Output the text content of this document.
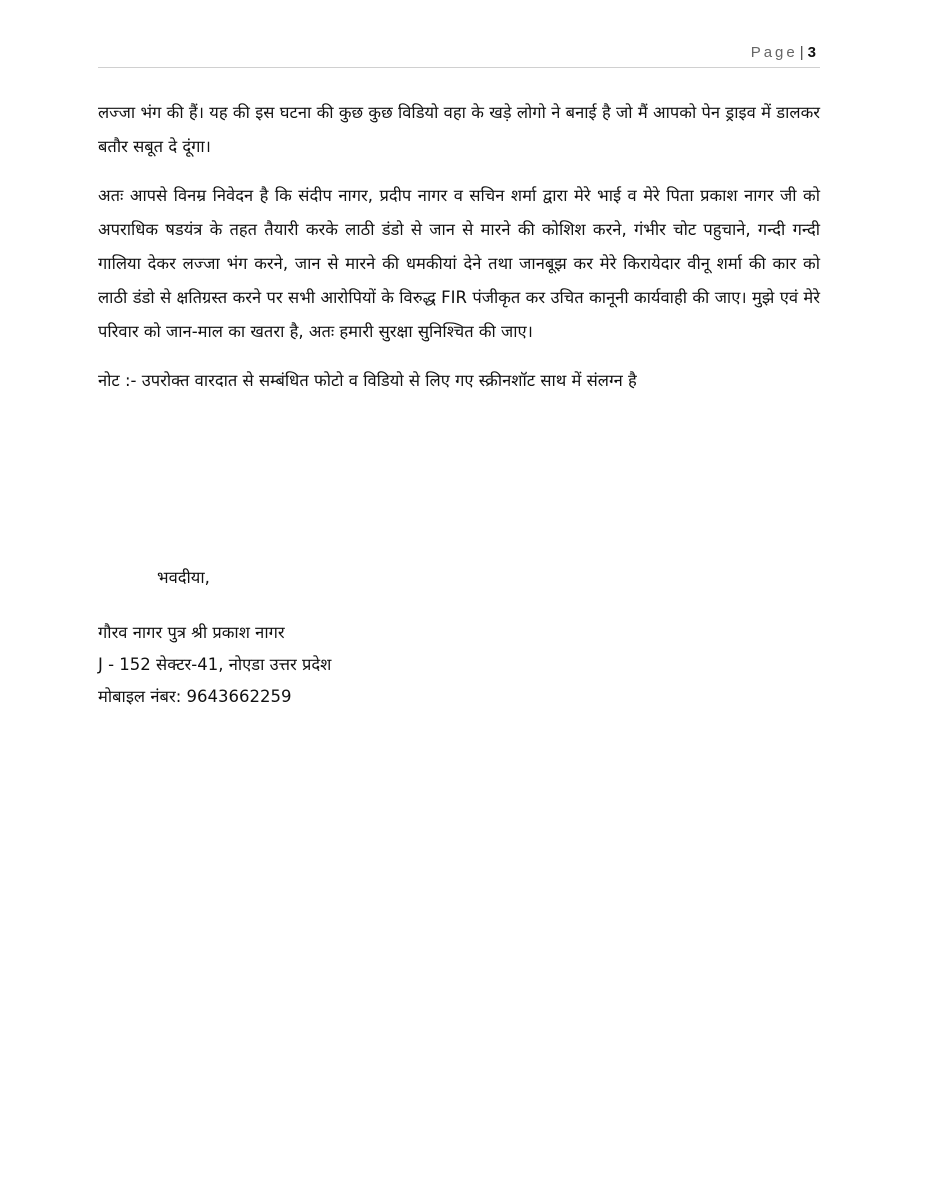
Page | 3

लज्जा भंग की हैं। यह की इस घटना की कुछ कुछ विडियो वहा के खड़े लोगो ने बनाई है जो मैं आपको पेन ड्राइव में डालकर बतौर सबूत दे दूंगा।

अतः आपसे विनम्र निवेदन है कि संदीप नागर, प्रदीप नागर व सचिन शर्मा द्वारा मेरे भाई व मेरे पिता प्रकाश नागर जी को अपराधिक षडयंत्र के तहत तैयारी करके लाठी डंडो से जान से मारने की कोशिश करने, गंभीर चोट पहुचाने, गन्दी गन्दी गालिया देकर लज्जा भंग करने, जान से मारने की धमकीयां देने तथा जानबूझ कर मेरे किरायेदार वीनू शर्मा की कार को लाठी डंडो से क्षतिग्रस्त करने पर सभी आरोपियों के विरुद्ध FIR पंजीकृत कर उचित कानूनी कार्यवाही की जाए। मुझे एवं मेरे परिवार को जान-माल का खतरा है, अतः हमारी सुरक्षा सुनिश्चित की जाए।

नोट :- उपरोक्त वारदात से सम्बंधित फोटो व विडियो से लिए गए स्क्रीनशॉट साथ में संलग्न है

भवदीया,
गौरव नागर पुत्र श्री प्रकाश नागर
J - 152 सेक्टर-41, नोएडा उत्तर प्रदेश
मोबाइल नंबर: 9643662259
